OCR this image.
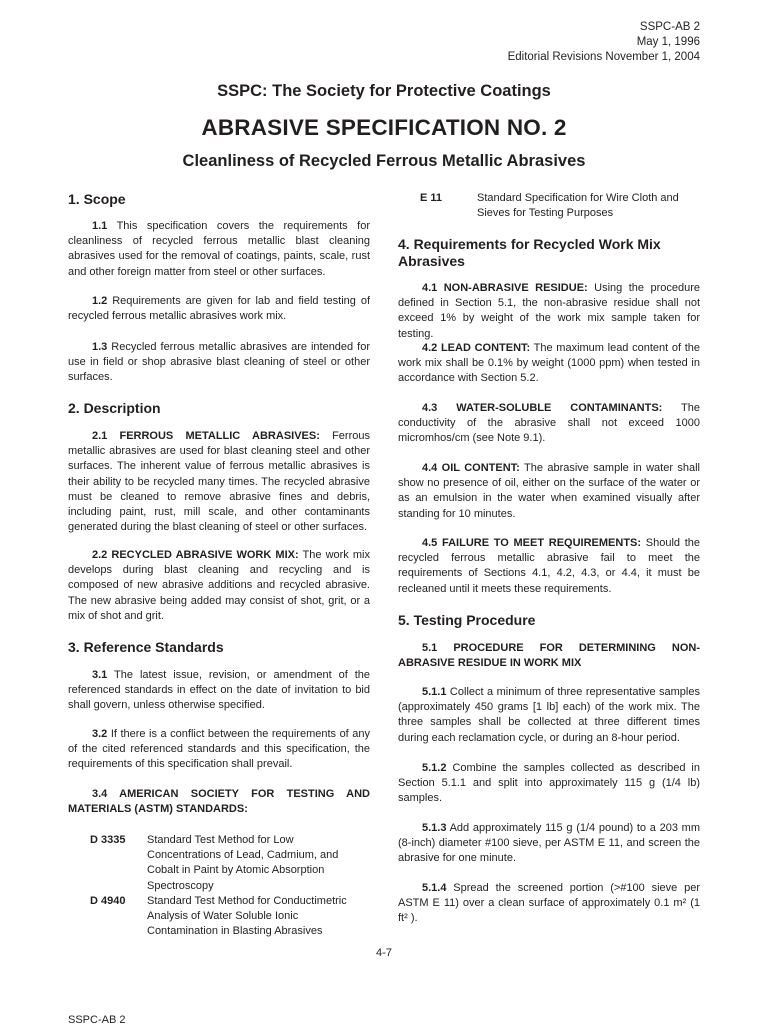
SSPC-AB 2
May 1, 1996
Editorial Revisions November 1, 2004
SSPC: The Society for Protective Coatings
ABRASIVE SPECIFICATION NO. 2
Cleanliness of Recycled Ferrous Metallic Abrasives
1. Scope
1.1 This specification covers the requirements for cleanliness of recycled ferrous metallic blast cleaning abrasives used for the removal of coatings, paints, scale, rust and other foreign matter from steel or other surfaces.
1.2 Requirements are given for lab and field testing of recycled ferrous metallic abrasives work mix.
1.3 Recycled ferrous metallic abrasives are intended for use in field or shop abrasive blast cleaning of steel or other surfaces.
2. Description
2.1 FERROUS METALLIC ABRASIVES: Ferrous metallic abrasives are used for blast cleaning steel and other surfaces. The inherent value of ferrous metallic abrasives is their ability to be recycled many times. The recycled abrasive must be cleaned to remove abrasive fines and debris, including paint, rust, mill scale, and other contaminants generated during the blast cleaning of steel or other surfaces.
2.2 RECYCLED ABRASIVE WORK MIX: The work mix develops during blast cleaning and recycling and is composed of new abrasive additions and recycled abrasive. The new abrasive being added may consist of shot, grit, or a mix of shot and grit.
3. Reference Standards
3.1 The latest issue, revision, or amendment of the referenced standards in effect on the date of invitation to bid shall govern, unless otherwise specified.
3.2 If there is a conflict between the requirements of any of the cited referenced standards and this specification, the requirements of this specification shall prevail.
3.4 AMERICAN SOCIETY FOR TESTING AND MATERIALS (ASTM) STANDARDS:
D 3335	Standard Test Method for Low Concentrations of Lead, Cadmium, and Cobalt in Paint by Atomic Absorption Spectroscopy
D 4940	Standard Test Method for Conductimetric Analysis of Water Soluble Ionic Contamination in Blasting Abrasives
E 11	Standard Specification for Wire Cloth and Sieves for Testing Purposes
4. Requirements for Recycled Work Mix Abrasives
4.1 NON-ABRASIVE RESIDUE: Using the procedure defined in Section 5.1, the non-abrasive residue shall not exceed 1% by weight of the work mix sample taken for testing.
4.2 LEAD CONTENT: The maximum lead content of the work mix shall be 0.1% by weight (1000 ppm) when tested in accordance with Section 5.2.
4.3 WATER-SOLUBLE CONTAMINANTS: The conductivity of the abrasive shall not exceed 1000 micromhos/cm (see Note 9.1).
4.4 OIL CONTENT: The abrasive sample in water shall show no presence of oil, either on the surface of the water or as an emulsion in the water when examined visually after standing for 10 minutes.
4.5 FAILURE TO MEET REQUIREMENTS: Should the recycled ferrous metallic abrasive fail to meet the requirements of Sections 4.1, 4.2, 4.3, or 4.4, it must be recleaned until it meets these requirements.
5. Testing Procedure
5.1 PROCEDURE FOR DETERMINING NON-ABRASIVE RESIDUE IN WORK MIX
5.1.1 Collect a minimum of three representative samples (approximately 450 grams [1 lb] each) of the work mix. The three samples shall be collected at three different times during each reclamation cycle, or during an 8-hour period.
5.1.2 Combine the samples collected as described in Section 5.1.1 and split into approximately 115 g (1/4 lb) samples.
5.1.3 Add approximately 115 g (1/4 pound) to a 203 mm (8-inch) diameter #100 sieve, per ASTM E 11, and screen the abrasive for one minute.
5.1.4 Spread the screened portion (>#100 sieve per ASTM E 11) over a clean surface of approximately 0.1 m² (1 ft² ).
4-7
SSPC-AB 2
